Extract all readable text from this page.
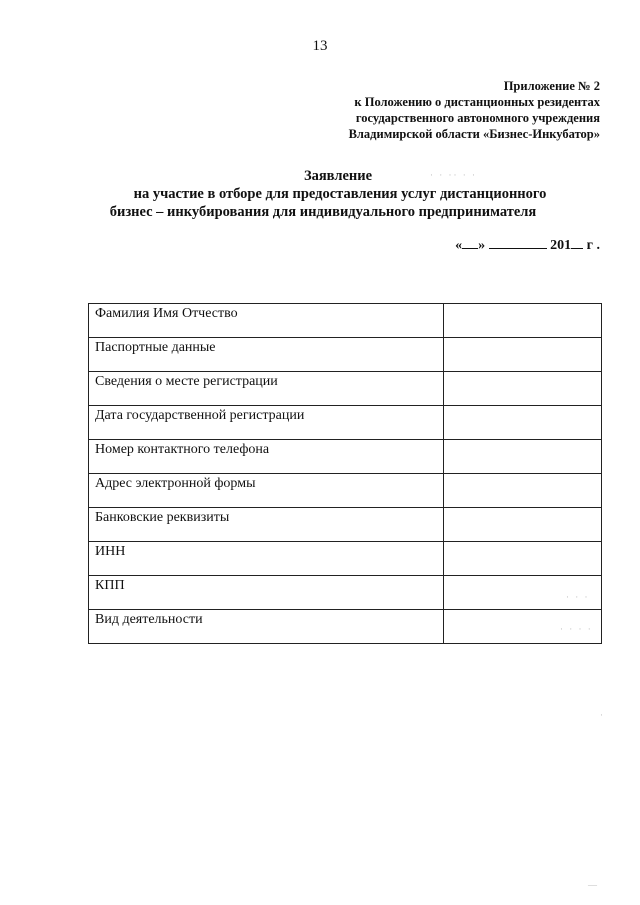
13
Приложение № 2
к Положению о дистанционных резидентах
государственного автономного учреждения
Владимирской области «Бизнес-Инкубатор»
Заявление
на участие в отборе для предоставления услуг дистанционного
бизнес – инкубирования для индивидуального предпринимателя
« »	201 г .
Фамилия Имя Отчество	
Паспортные данные	
Сведения о месте регистрации	
Дата государственной регистрации	
Номер контактного телефона	
Адрес электронной формы	
Банковские реквизиты	
ИНН	
КПП	
Вид деятельности	
· · ·· · ·
· · · ·
· · ·
·
—
